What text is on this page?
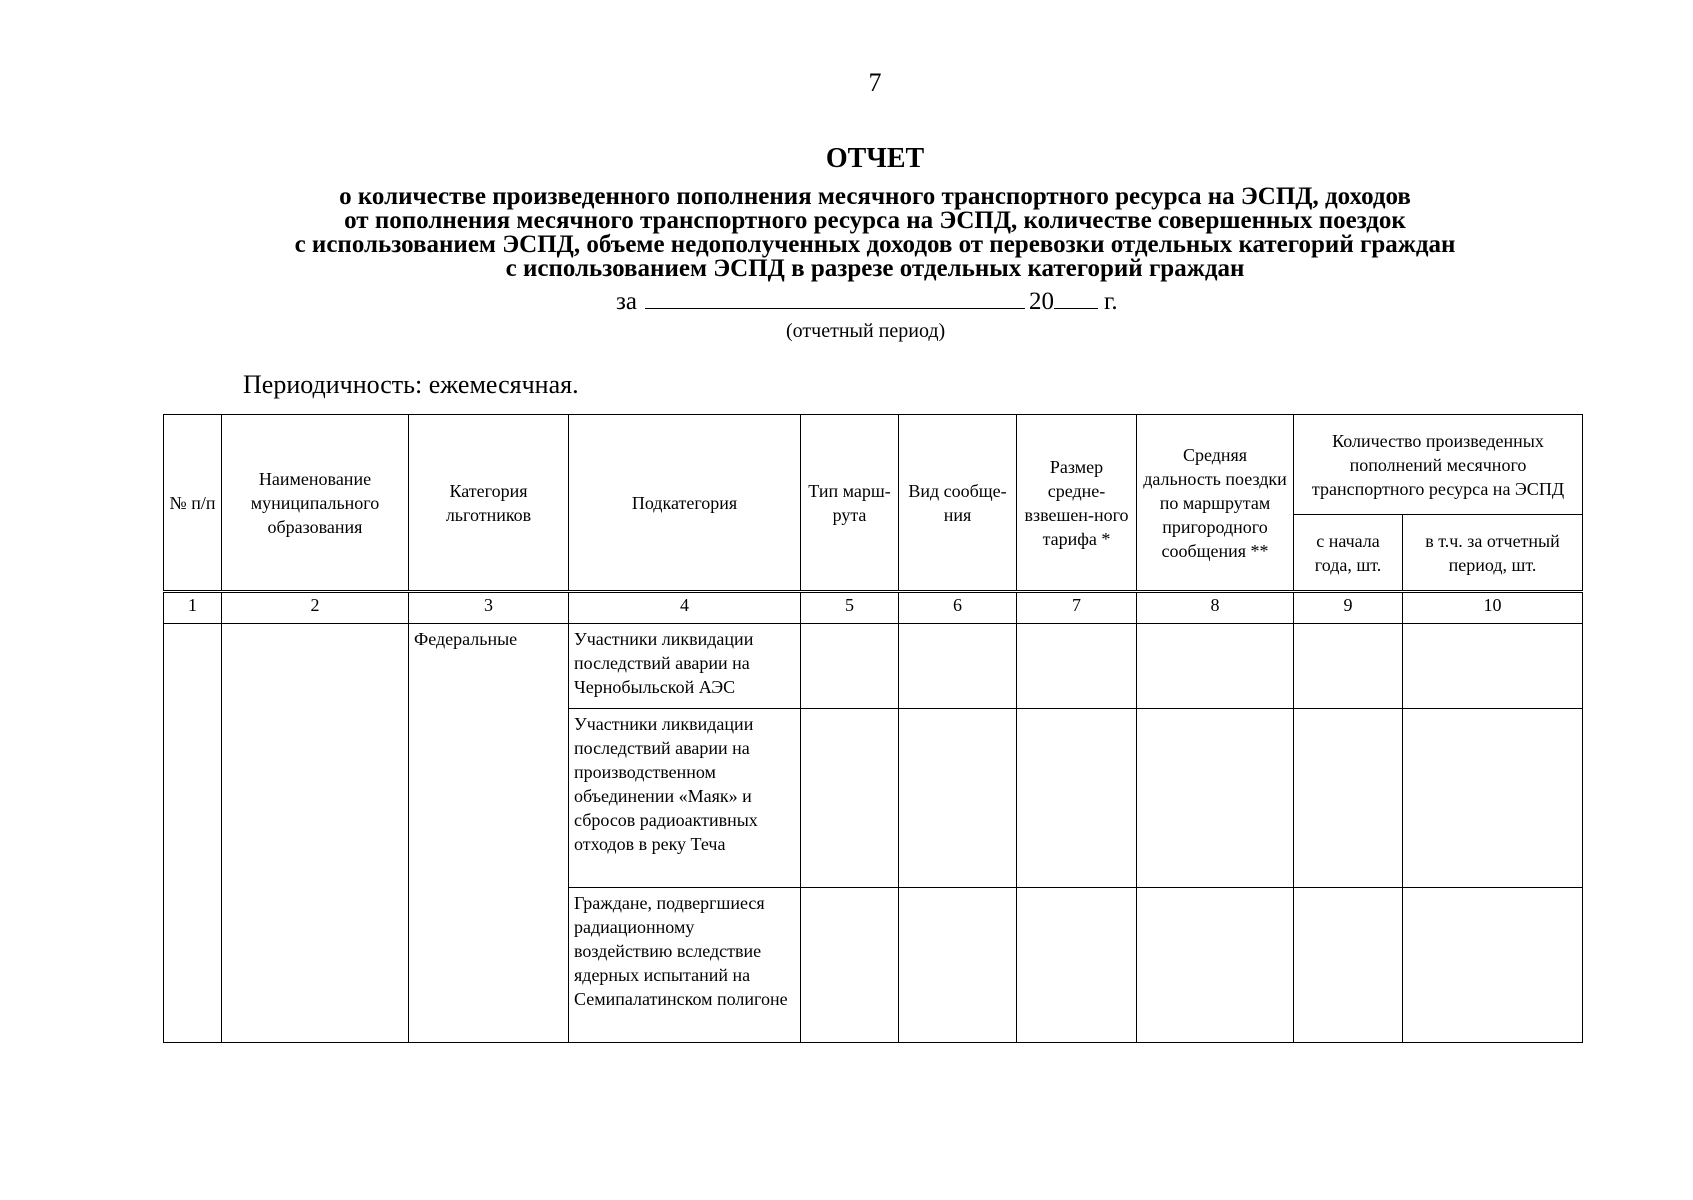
7
ОТЧЕТ
о количестве произведенного пополнения месячного транспортного ресурса на ЭСПД, доходов
от пополнения месячного транспортного ресурса на ЭСПД, количестве совершенных поездок
с использованием ЭСПД, объеме недополученных доходов от перевозки отдельных категорий граждан
с использованием ЭСПД в разрезе отдельных категорий граждан
за	20 г.
(отчетный период)
Периодичность: ежемесячная.
№ п/п	Наименование муниципального образования	Категория льготников	Подкатегория	Тип марш-рута	Вид сообще-ния	Размер средне-взвешен-ного тарифа *	Средняя дальность поездки по маршрутам пригородного сообщения **	Количество произведенных пополнений месячного транспортного ресурса на ЭСПД	
								с начала года, шт.	в т.ч. за отчетный период, шт.
1	2	3	4	5	6	7	8	9	10
		Федеральные	Участники ликвидации последствий аварии на Чернобыльской АЭС						
			Участники ликвидации последствий аварии на производственном объединении «Маяк» и сбросов радиоактивных отходов в реку Теча						
			Граждане, подвергшиеся радиационному воздействию вследствие ядерных испытаний на Семипалатинском полигоне						
